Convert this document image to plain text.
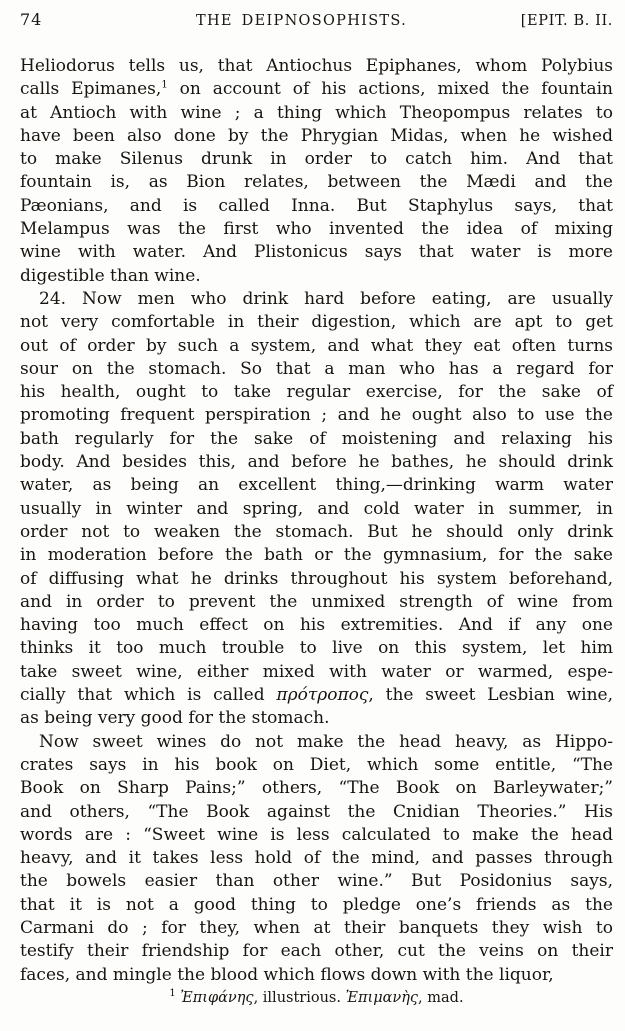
74	THE DEIPNOSOPHISTS.	[EPIT. B. II.
Heliodorus tells us, that Antiochus Epiphanes, whom Polybius
calls Epimanes,$^1$ on account of his actions, mixed the fountain
at Antioch with wine ; a thing which Theopompus relates to
have been also done by the Phrygian Midas, when he wished
to make Silenus drunk in order to catch him. And that
fountain is, as Bion relates, between the Mædi and the
Pæonians, and is called Inna. But Staphylus says, that
Melampus was the first who invented the idea of mixing
wine with water. And Plistonicus says that water is more
digestible than wine.
24. Now men who drink hard before eating, are usually
not very comfortable in their digestion, which are apt to get
out of order by such a system, and what they eat often turns
sour on the stomach. So that a man who has a regard for
his health, ought to take regular exercise, for the sake of
promoting frequent perspiration ; and he ought also to use the
bath regularly for the sake of moistening and relaxing his
body. And besides this, and before he bathes, he should drink
water, as being an excellent thing,—drinking warm water
usually in winter and spring, and cold water in summer, in
order not to weaken the stomach. But he should only drink
in moderation before the bath or the gymnasium, for the sake
of diffusing what he drinks throughout his system beforehand,
and in order to prevent the unmixed strength of wine from
having too much effect on his extremities. And if any one
thinks it too much trouble to live on this system, let him
take sweet wine, either mixed with water or warmed, espe-
cially that which is called πρότροπος, the sweet Lesbian wine,
as being very good for the stomach.
Now sweet wines do not make the head heavy, as Hippo-
crates says in his book on Diet, which some entitle, “The
Book on Sharp Pains;” others, “The Book on Barleywater;”
and others, “The Book against the Cnidian Theories.” His
words are : “Sweet wine is less calculated to make the head
heavy, and it takes less hold of the mind, and passes through
the bowels easier than other wine.” But Posidonius says,
that it is not a good thing to pledge one’s friends as the
Carmani do ; for they, when at their banquets they wish to
testify their friendship for each other, cut the veins on their
faces, and mingle the blood which flows down with the liquor,
$^1$ Ἐπιφάνης, illustrious. Ἐπιμανὴς, mad.
